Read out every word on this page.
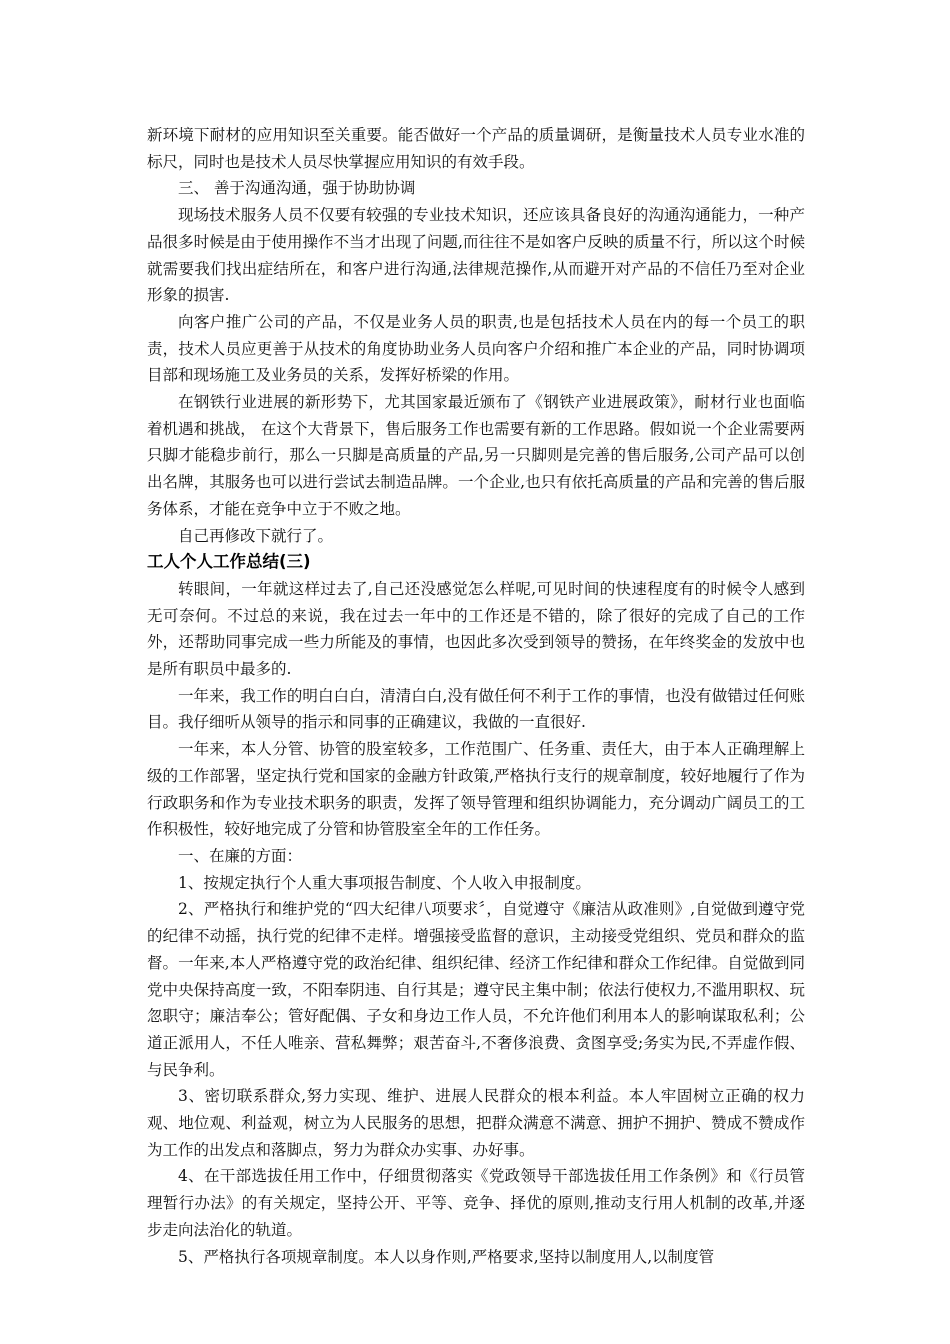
新环境下耐材的应用知识至关重要。能否做好一个产品的质量调研，是衡量技术人员专业水准的标尺，同时也是技术人员尽快掌握应用知识的有效手段。

三、 善于沟通沟通，强于协助协调

现场技术服务人员不仅要有较强的专业技术知识，还应该具备良好的沟通沟通能力，一种产品很多时候是由于使用操作不当才出现了问题,而往往不是如客户反映的质量不行，所以这个时候就需要我们找出症结所在，和客户进行沟通,法律规范操作,从而避开对产品的不信任乃至对企业形象的损害.

向客户推广公司的产品，不仅是业务人员的职责,也是包括技术人员在内的每一个员工的职责，技术人员应更善于从技术的角度协助业务人员向客户介绍和推广本企业的产品，同时协调项目部和现场施工及业务员的关系，发挥好桥梁的作用。

在钢铁行业进展的新形势下，尤其国家最近颁布了《钢铁产业进展政策》，耐材行业也面临着机遇和挑战， 在这个大背景下，售后服务工作也需要有新的工作思路。假如说一个企业需要两只脚才能稳步前行，那么一只脚是高质量的产品,另一只脚则是完善的售后服务,公司产品可以创出名牌，其服务也可以进行尝试去制造品牌。一个企业,也只有依托高质量的产品和完善的售后服务体系，才能在竞争中立于不败之地。

自己再修改下就行了。

工人个人工作总结(三)

转眼间，一年就这样过去了,自己还没感觉怎么样呢,可见时间的快速程度有的时候令人感到无可奈何。不过总的来说，我在过去一年中的工作还是不错的，除了很好的完成了自己的工作外，还帮助同事完成一些力所能及的事情，也因此多次受到领导的赞扬，在年终奖金的发放中也是所有职员中最多的.

一年来，我工作的明白白白，清清白白,没有做任何不利于工作的事情，也没有做错过任何账目。我仔细听从领导的指示和同事的正确建议，我做的一直很好.

一年来，本人分管、协管的股室较多，工作范围广、任务重、责任大，由于本人正确理解上级的工作部署，坚定执行党和国家的金融方针政策,严格执行支行的规章制度，较好地履行了作为行政职务和作为专业技术职务的职责，发挥了领导管理和组织协调能力，充分调动广阔员工的工作积极性，较好地完成了分管和协管股室全年的工作任务。

一、在廉的方面：

1、按规定执行个人重大事项报告制度、个人收入申报制度。

2、严格执行和维护党的“四大纪律八项要求〞，自觉遵守《廉洁从政准则》,自觉做到遵守党的纪律不动摇，执行党的纪律不走样。增强接受监督的意识，主动接受党组织、党员和群众的监督。一年来,本人严格遵守党的政治纪律、组织纪律、经济工作纪律和群众工作纪律。自觉做到同党中央保持高度一致，不阳奉阴违、自行其是；遵守民主集中制；依法行使权力,不滥用职权、玩忽职守；廉洁奉公；管好配偶、子女和身边工作人员，不允许他们利用本人的影响谋取私利；公道正派用人，不任人唯亲、营私舞弊；艰苦奋斗,不奢侈浪费、贪图享受;务实为民,不弄虚作假、与民争利。

3、密切联系群众,努力实现、维护、进展人民群众的根本利益。本人牢固树立正确的权力观、地位观、利益观，树立为人民服务的思想，把群众满意不满意、拥护不拥护、赞成不赞成作为工作的出发点和落脚点，努力为群众办实事、办好事。

4、在干部选拔任用工作中，仔细贯彻落实《党政领导干部选拔任用工作条例》和《行员管理暂行办法》的有关规定，坚持公开、平等、竞争、择优的原则,推动支行用人机制的改革,并逐步走向法治化的轨道。

5、严格执行各项规章制度。本人以身作则,严格要求,坚持以制度用人,以制度管
